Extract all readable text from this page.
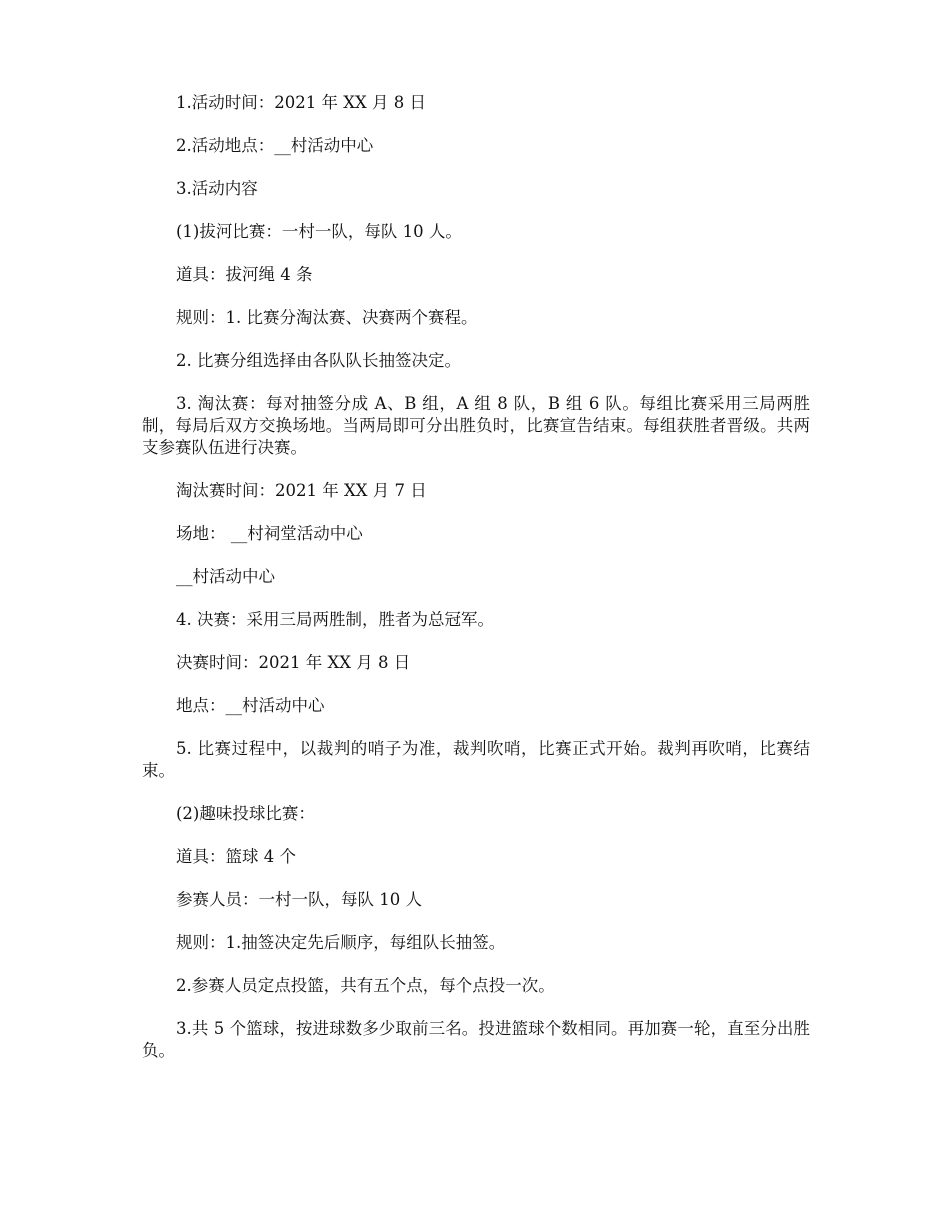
1.活动时间：2021 年 XX 月 8 日

2.活动地点：__村活动中心

3.活动内容

(1)拔河比赛：一村一队，每队 10 人。

道具：拔河绳 4 条

规则：1. 比赛分淘汰赛、决赛两个赛程。

2. 比赛分组选择由各队队长抽签决定。

3. 淘汰赛：每对抽签分成 A、B 组，A 组 8 队，B 组 6 队。每组比赛采用三局两胜制，每局后双方交换场地。当两局即可分出胜负时，比赛宣告结束。每组获胜者晋级。共两支参赛队伍进行决赛。

淘汰赛时间：2021 年 XX 月 7 日

场地： __村祠堂活动中心

__村活动中心

4. 决赛：采用三局两胜制，胜者为总冠军。

决赛时间：2021 年 XX 月 8 日

地点：__村活动中心

5. 比赛过程中，以裁判的哨子为准，裁判吹哨，比赛正式开始。裁判再吹哨，比赛结束。

(2)趣味投球比赛：

道具：篮球 4 个

参赛人员：一村一队，每队 10 人

规则：1.抽签决定先后顺序，每组队长抽签。

2.参赛人员定点投篮，共有五个点，每个点投一次。

3.共 5 个篮球，按进球数多少取前三名。投进篮球个数相同。再加赛一轮，直至分出胜负。
